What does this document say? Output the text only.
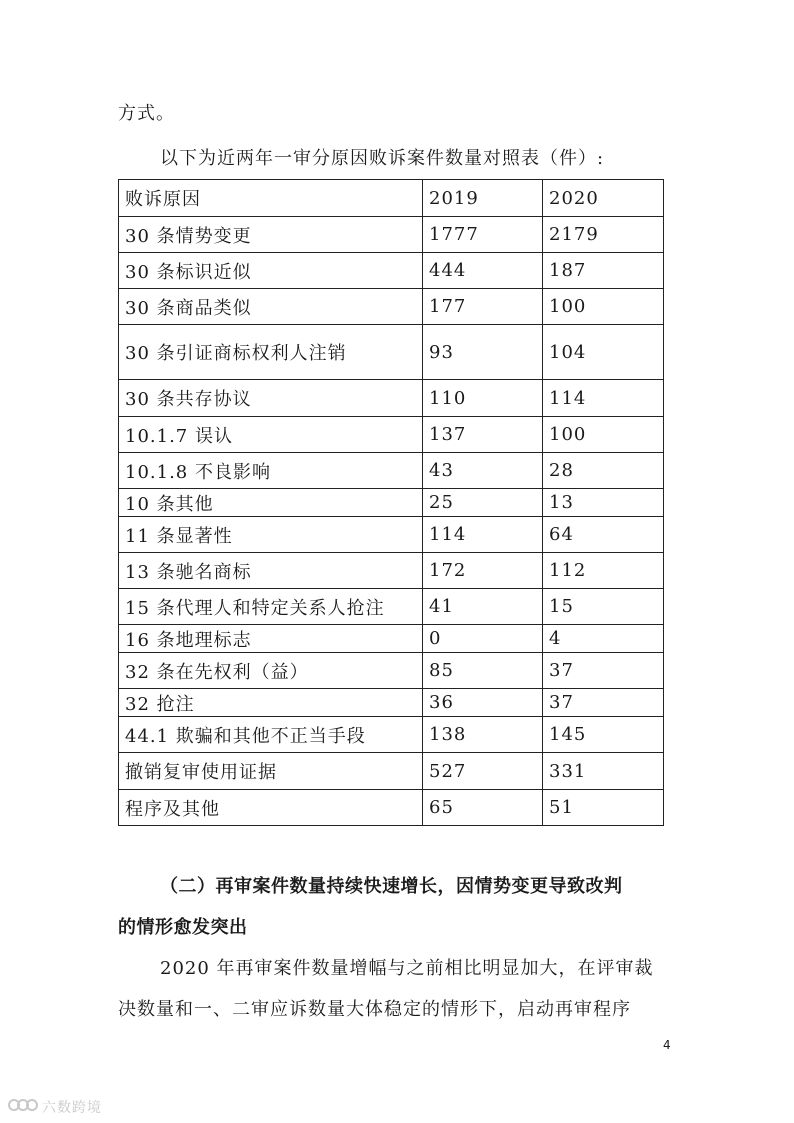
方式。
以下为近两年一审分原因败诉案件数量对照表（件）:
败诉原因	2019	2020
30 条情势变更	1777	2179
30 条标识近似	444	187
30 条商品类似	177	100
30 条引证商标权利人注销	93	104
30 条共存协议	110	114
10.1.7 误认	137	100
10.1.8 不良影响	43	28
10 条其他	25	13
11 条显著性	114	64
13 条驰名商标	172	112
15 条代理人和特定关系人抢注	41	15
16 条地理标志	0	4
32 条在先权利（益）	85	37
32 抢注	36	37
44.1 欺骗和其他不正当手段	138	145
撤销复审使用证据	527	331
程序及其他	65	51
（二）再审案件数量持续快速增长，因情势变更导致改判
的情形愈发突出
2020 年再审案件数量增幅与之前相比明显加大，在评审裁
决数量和一、二审应诉数量大体稳定的情形下，启动再审程序
4
六数跨境
